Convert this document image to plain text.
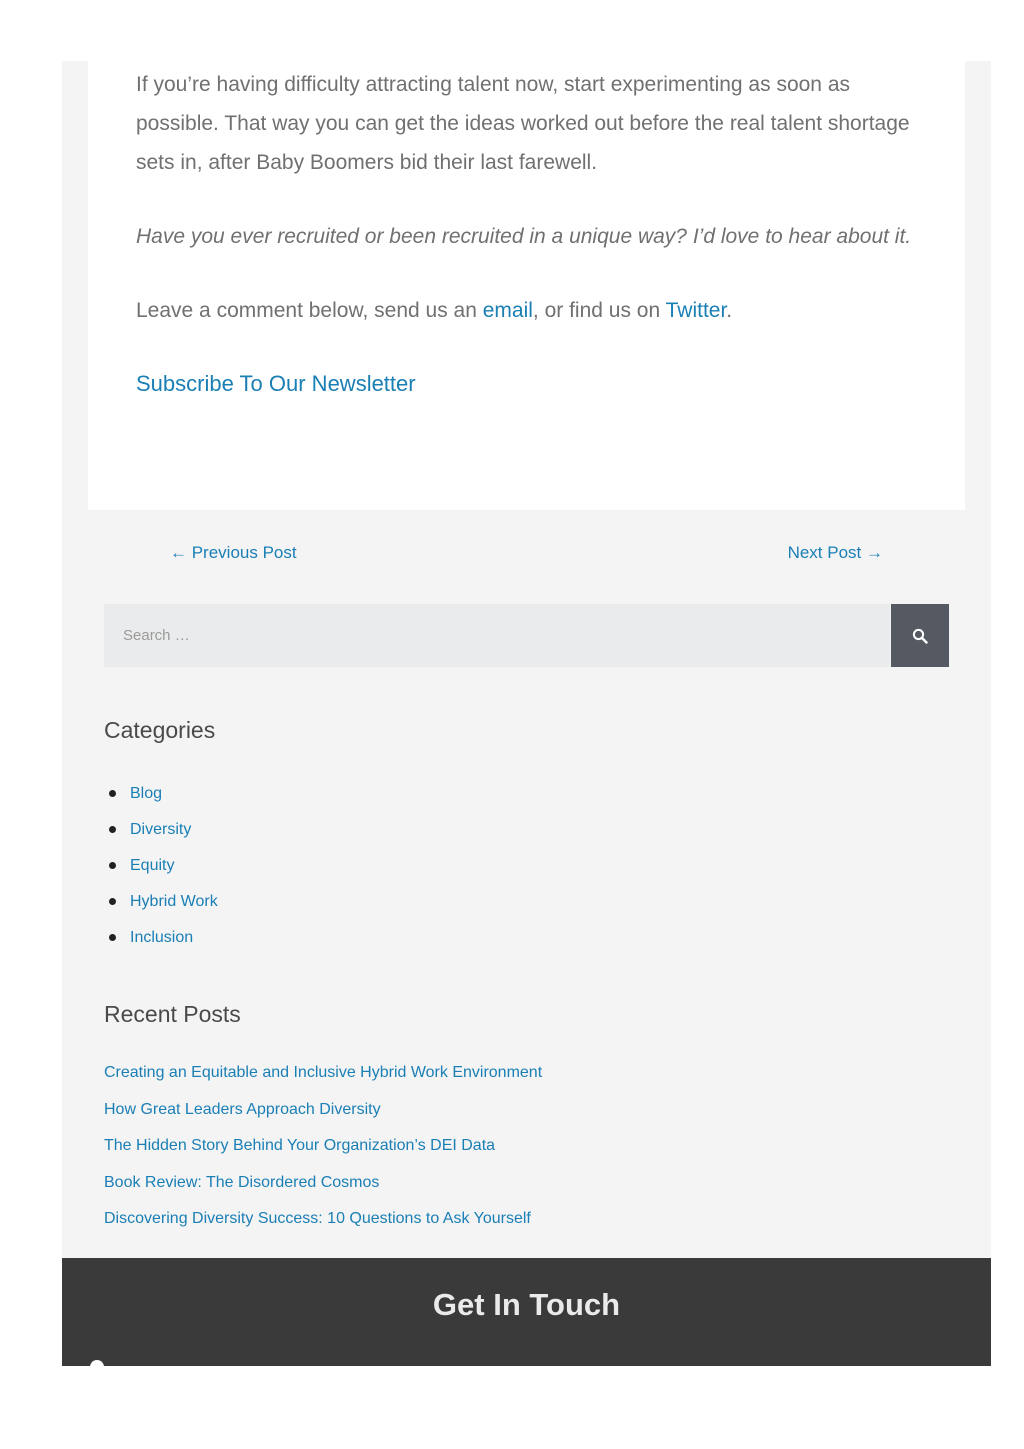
If you’re having difficulty attracting talent now, start experimenting as soon as possible. That way you can get the ideas worked out before the real talent shortage sets in, after Baby Boomers bid their last farewell.

Have you ever recruited or been recruited in a unique way? I’d love to hear about it.

Leave a comment below, send us an email, or find us on Twitter.

Subscribe To Our Newsletter
← Previous Post	Next Post →
Search …
Categories
Blog
Diversity
Equity
Hybrid Work
Inclusion
Recent Posts
Creating an Equitable and Inclusive Hybrid Work Environment
How Great Leaders Approach Diversity
The Hidden Story Behind Your Organization’s DEI Data
Book Review: The Disordered Cosmos
Discovering Diversity Success: 10 Questions to Ask Yourself
Get In Touch
